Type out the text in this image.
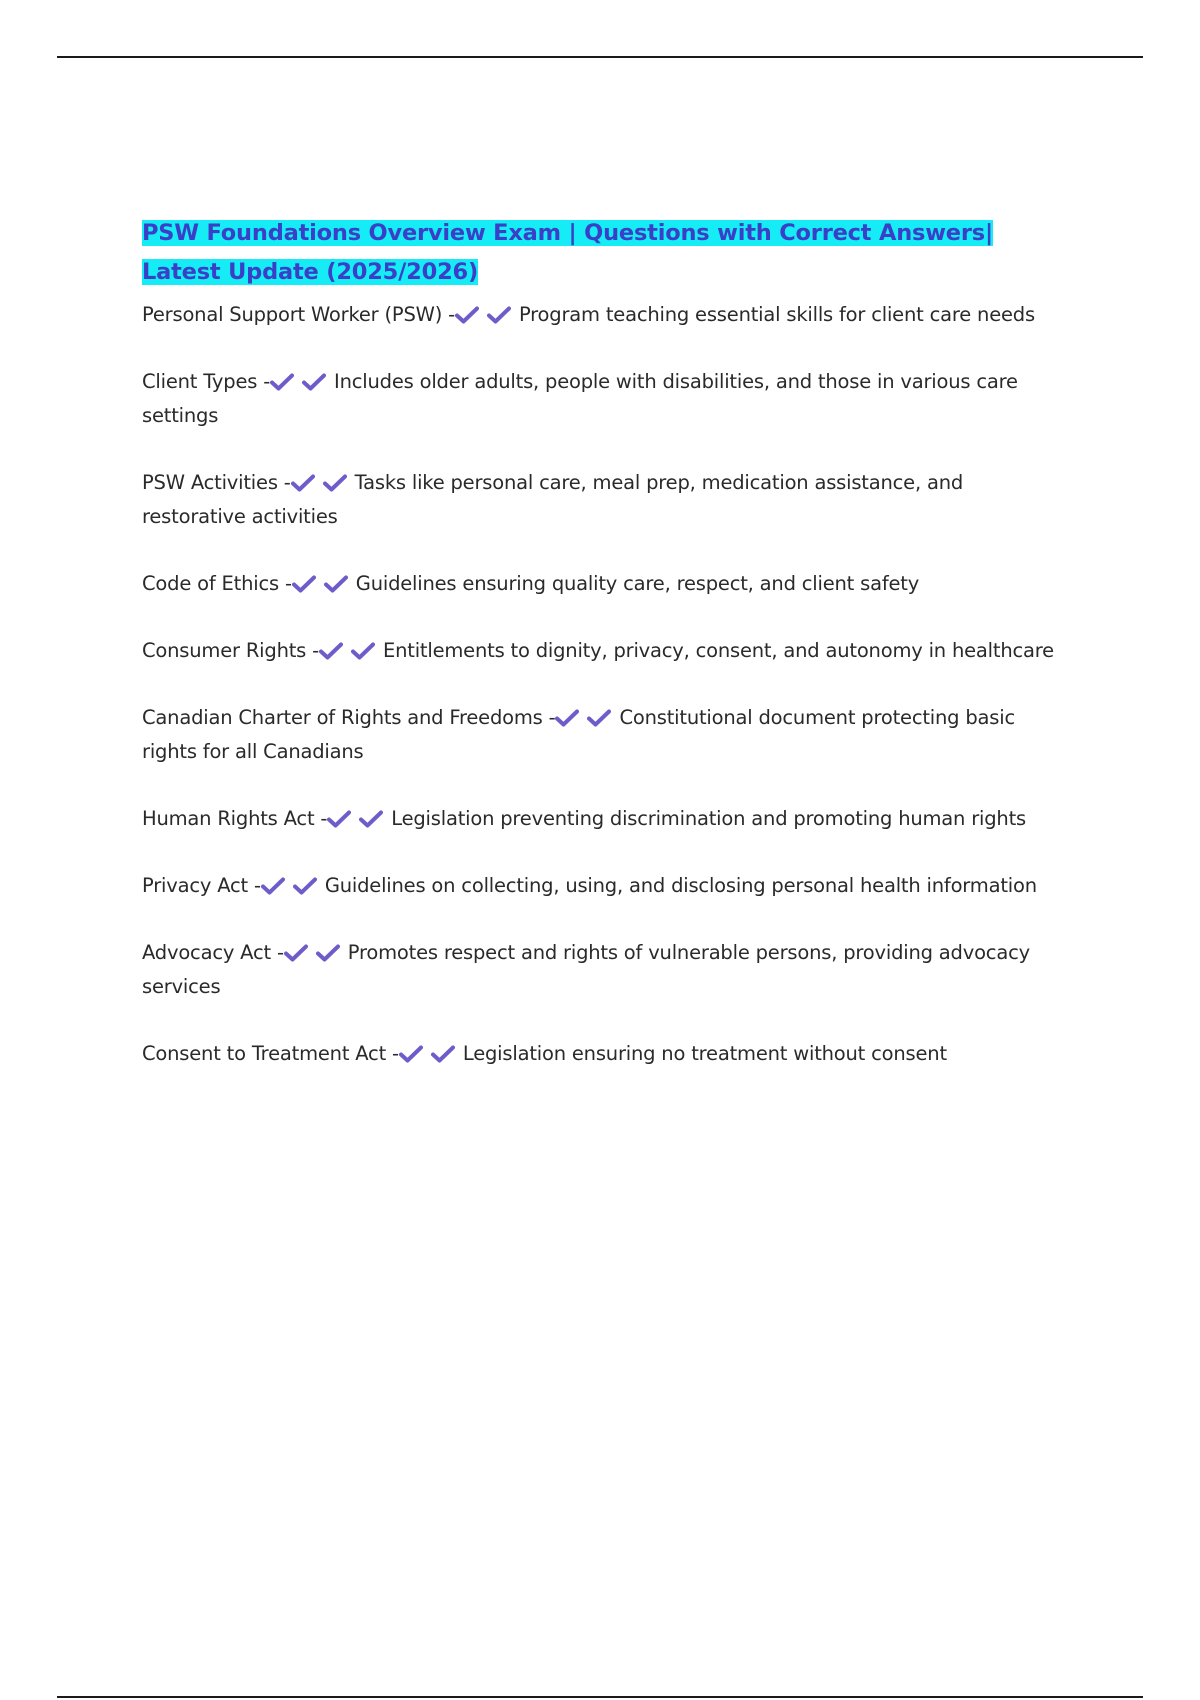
PSW Foundations Overview Exam | Questions with Correct Answers| Latest Update (2025/2026)

Personal Support Worker (PSW) -	Program teaching essential skills for client care needs

Client Types -	Includes older adults, people with disabilities, and those in various care settings

PSW Activities -	Tasks like personal care, meal prep, medication assistance, and restorative activities

Code of Ethics -	Guidelines ensuring quality care, respect, and client safety

Consumer Rights -	Entitlements to dignity, privacy, consent, and autonomy in healthcare

Canadian Charter of Rights and Freedoms -	Constitutional document protecting basic rights for all Canadians

Human Rights Act -	Legislation preventing discrimination and promoting human rights

Privacy Act -	Guidelines on collecting, using, and disclosing personal health information

Advocacy Act -	Promotes respect and rights of vulnerable persons, providing advocacy services

Consent to Treatment Act -	Legislation ensuring no treatment without consent
